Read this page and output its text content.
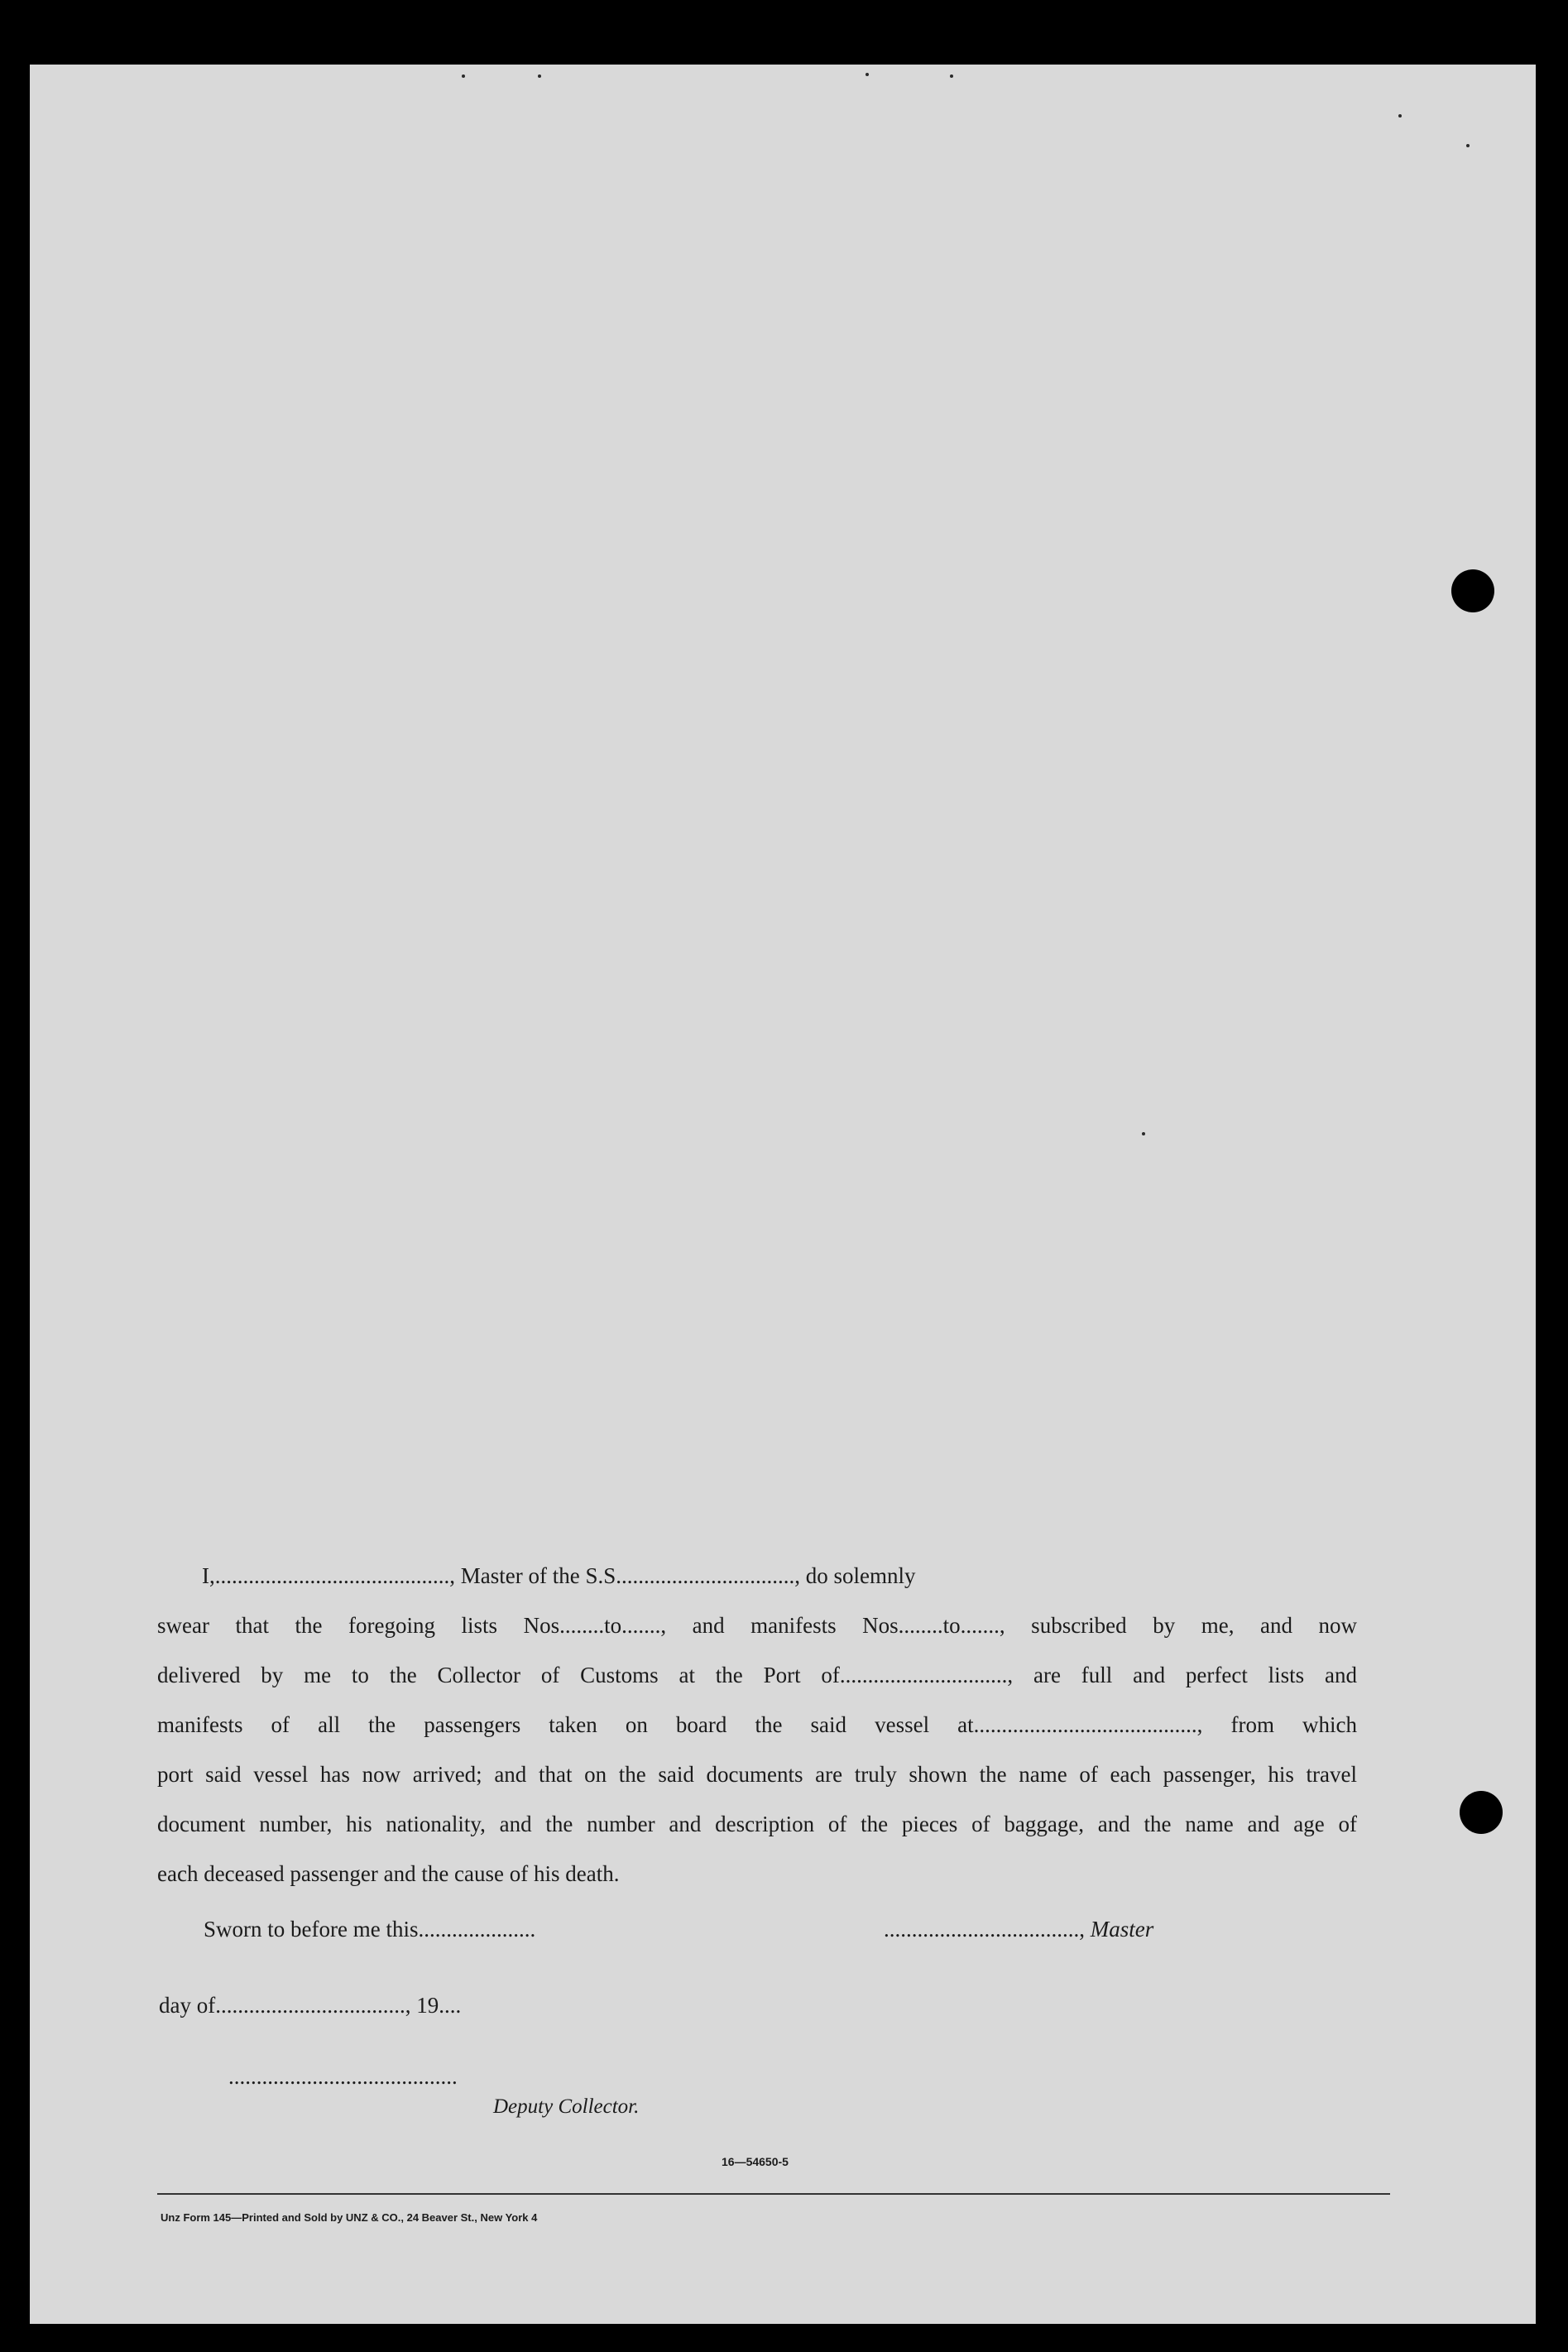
I,.........................................., Master of the S.S................................, do solemnly
swear that the foregoing lists Nos........to......., and manifests Nos........to......., subscribed by me, and now
delivered by me to the Collector of Customs at the Port of.............................., are full and perfect lists and
manifests of all the passengers taken on board the said vessel at........................................, from which
port said vessel has now arrived; and that on the said documents are truly shown the name of each passenger, his travel
document number, his nationality, and the number and description of the pieces of baggage, and the name and age of
each deceased passenger and the cause of his death.
Sworn to before me this.....................	..................................., Master
day of.................................., 19....
.........................................
Deputy Collector.
16—54650-5
Unz Form 145—Printed and Sold by UNZ & CO., 24 Beaver St., New York 4
